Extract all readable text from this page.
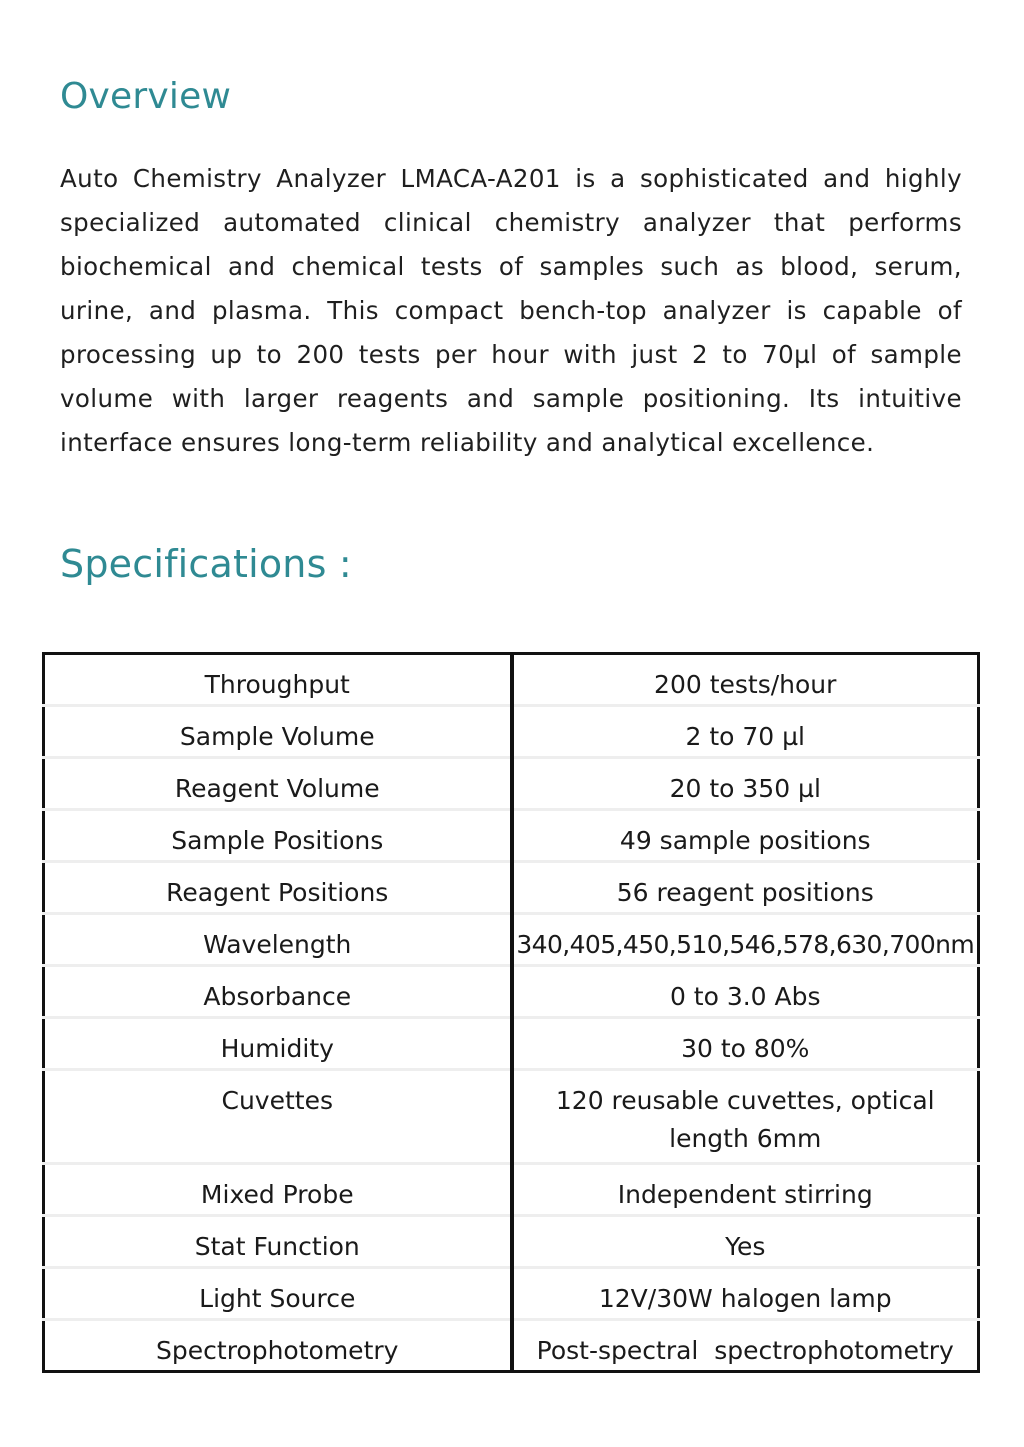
Overview

Auto Chemistry Analyzer LMACA-A201 is a sophisticated and highly specialized automated clinical chemistry analyzer that performs biochemical and chemical tests of samples such as blood, serum, urine, and plasma. This compact bench-top analyzer is capable of processing up to 200 tests per hour with just 2 to 70µl of sample volume with larger reagents and sample positioning. Its intuitive interface ensures long-term reliability and analytical excellence.

Specifications :
Throughput	200 tests/hour
Sample Volume	2 to 70 µl
Reagent Volume	20 to 350 µl
Sample Positions	49 sample positions
Reagent Positions	56 reagent positions
Wavelength	340,405,450,510,546,578,630,700nm
Absorbance	0 to 3.0 Abs
Humidity	30 to 80%
Cuvettes	120 reusable cuvettes, optical length 6mm
Mixed Probe	Independent stirring
Stat Function	Yes
Light Source	12V/30W halogen lamp
Spectrophotometry	Post-spectral  spectrophotometry
